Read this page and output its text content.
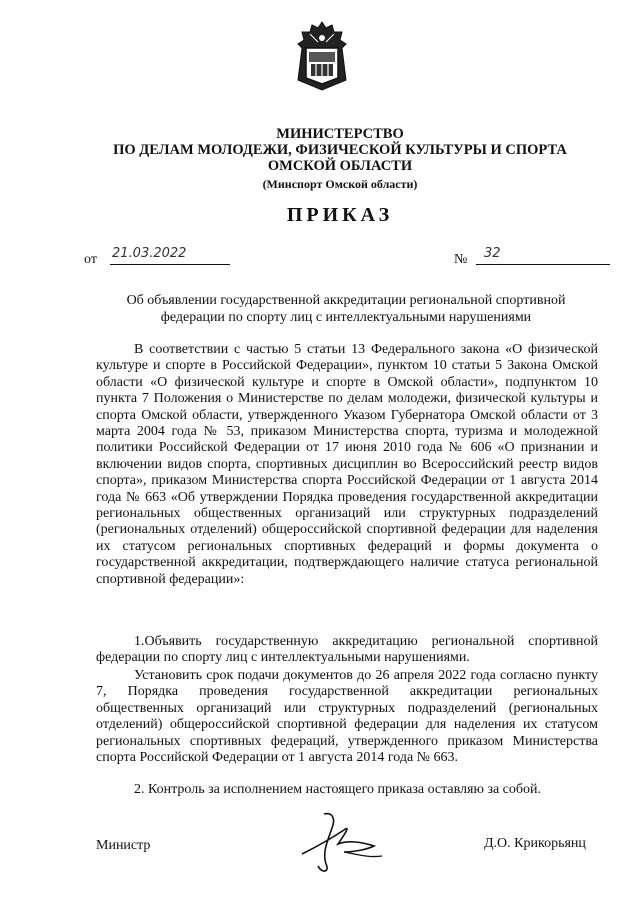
МИНИСТЕРСТВО
ПО ДЕЛАМ МОЛОДЕЖИ, ФИЗИЧЕСКОЙ КУЛЬТУРЫ И СПОРТА
ОМСКОЙ ОБЛАСТИ
(Минспорт Омской области)
ПРИКАЗ
от 21.03.2022	№	32
Об объявлении государственной аккредитации региональной спортивной федерации по спорту лиц с интеллектуальными нарушениями
В соответствии с частью 5 статьи 13 Федерального закона «О физической культуре и спорте в Российской Федерации», пунктом 10 статьи 5 Закона Омской области «О физической культуре и спорте в Омской области», подпунктом 10 пункта 7 Положения о Министерстве по делам молодежи, физической культуры и спорта Омской области, утвержденного Указом Губернатора Омской области от 3 марта 2004 года № 53, приказом Министерства спорта, туризма и молодежной политики Российской Федерации от 17 июня 2010 года № 606 «О признании и включении видов спорта, спортивных дисциплин во Всероссийский реестр видов спорта», приказом Министерства спорта Российской Федерации от 1 августа 2014 года № 663 «Об утверждении Порядка проведения государственной аккредитации региональных общественных организаций или структурных подразделений (региональных отделений) общероссийской спортивной федерации для наделения их статусом региональных спортивных федераций и формы документа о государственной аккредитации, подтверждающего наличие статуса региональной спортивной федерации»:
1.Объявить государственную аккредитацию региональной спортивной федерации по спорту лиц с интеллектуальными нарушениями.
Установить срок подачи документов до 26 апреля 2022 года согласно пункту 7, Порядка проведения государственной аккредитации региональных общественных организаций или структурных подразделений (региональных отделений) общероссийской спортивной федерации для наделения их статусом региональных спортивных федераций, утвержденного приказом Министерства спорта Российской Федерации от 1 августа 2014 года № 663.
2. Контроль за исполнением настоящего приказа оставляю за собой.
Министр	Д.О. Крикорьянц
